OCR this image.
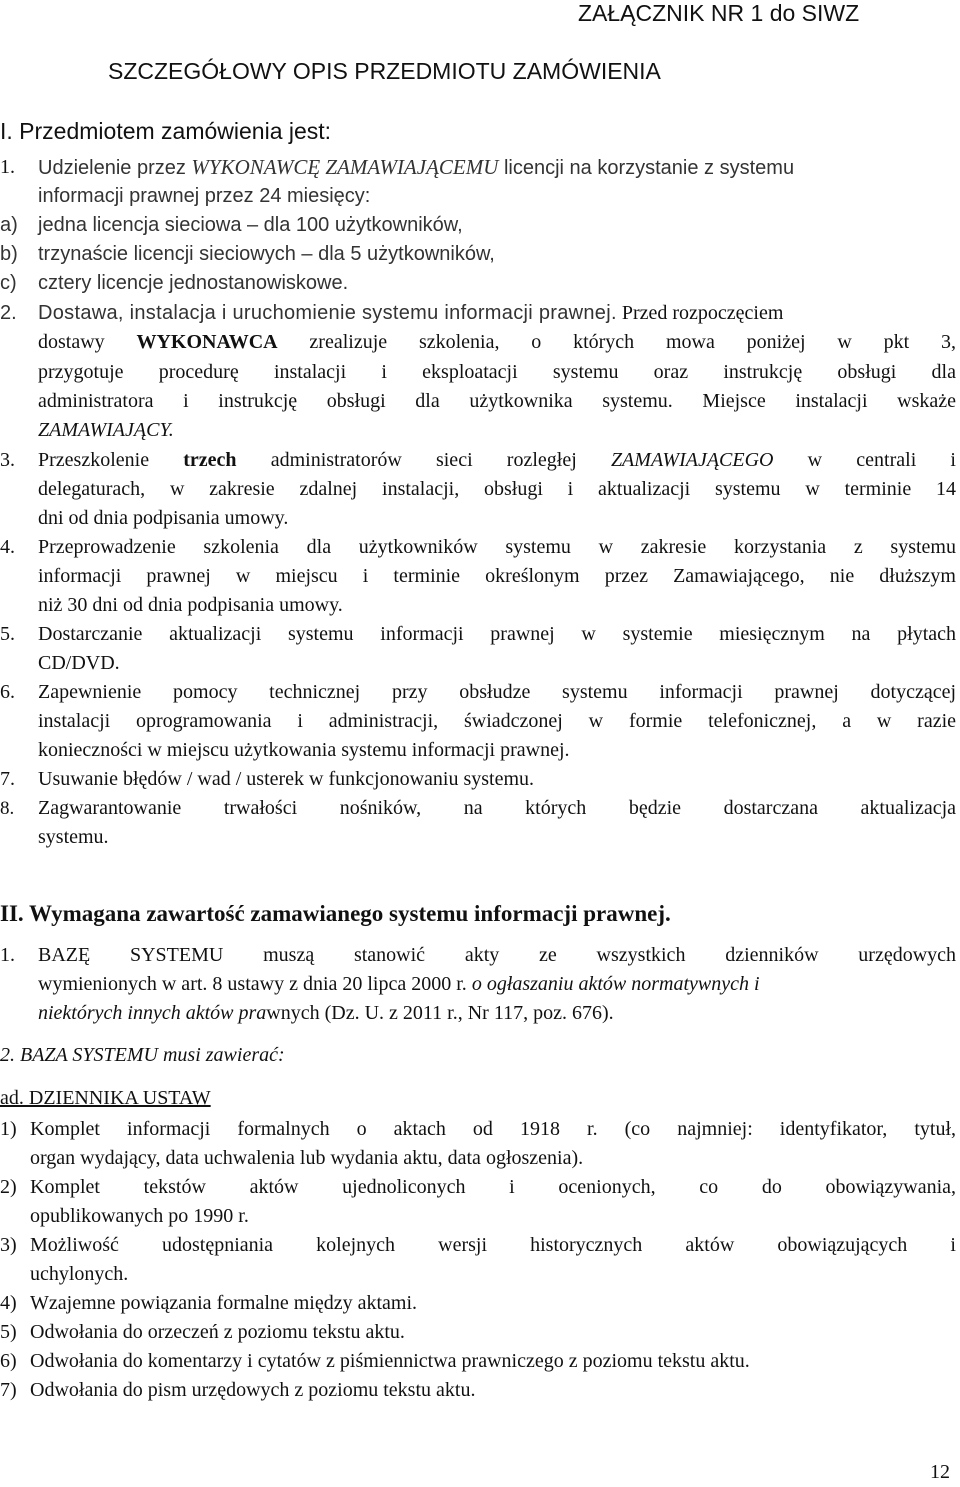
ZAŁĄCZNIK NR 1 do SIWZ
SZCZEGÓŁOWY OPIS PRZEDMIOTU ZAMÓWIENIA
I. Przedmiotem zamówienia jest:
1. Udzielenie przez WYKONAWCĘ ZAMAWIAJĄCEMU licencji na korzystanie z systemu
informacji prawnej przez 24 miesięcy:
a) jedna licencja sieciowa – dla 100 użytkowników,
b) trzynaście licencji sieciowych – dla 5 użytkowników,
c) cztery licencje jednostanowiskowe.
2. Dostawa, instalacja i uruchomienie systemu informacji prawnej. Przed rozpoczęciem
dostawy WYKONAWCA zrealizuje szkolenia, o których mowa poniżej w pkt 3,
przygotuje procedurę instalacji i eksploatacji systemu oraz instrukcję obsługi dla
administratora i instrukcję obsługi dla użytkownika systemu. Miejsce instalacji wskaże
ZAMAWIAJĄCY.
3. Przeszkolenie trzech administratorów sieci rozległej ZAMAWIAJĄCEGO w centrali i
delegaturach, w zakresie zdalnej instalacji, obsługi i aktualizacji systemu w terminie 14
dni od dnia podpisania umowy.
4. Przeprowadzenie szkolenia dla użytkowników systemu w zakresie korzystania z systemu
informacji prawnej w miejscu i terminie określonym przez Zamawiającego, nie dłuższym
niż 30 dni od dnia podpisania umowy.
5. Dostarczanie aktualizacji systemu informacji prawnej w systemie miesięcznym na płytach
CD/DVD.
6. Zapewnienie pomocy technicznej przy obsłudze systemu informacji prawnej dotyczącej
instalacji oprogramowania i administracji, świadczonej w formie telefonicznej, a w razie
konieczności w miejscu użytkowania systemu informacji prawnej.
7. Usuwanie błędów / wad / usterek w funkcjonowaniu systemu.
8. Zagwarantowanie trwałości nośników, na których będzie dostarczana aktualizacja
systemu.
II. Wymagana zawartość zamawianego systemu informacji prawnej.
1. BAZĘ SYSTEMU muszą stanowić akty ze wszystkich dzienników urzędowych
wymienionych w art. 8 ustawy z dnia 20 lipca 2000 r. o ogłaszaniu aktów normatywnych i
niektórych innych aktów prawnych (Dz. U. z 2011 r., Nr 117, poz. 676).
2. BAZA SYSTEMU musi zawierać:
ad. DZIENNIKA USTAW
1) Komplet informacji formalnych o aktach od 1918 r. (co najmniej: identyfikator, tytuł,
organ wydający, data uchwalenia lub wydania aktu, data ogłoszenia).
2) Komplet tekstów aktów ujednoliconych i ocenionych, co do obowiązywania,
opublikowanych po 1990 r.
3) Możliwość udostępniania kolejnych wersji historycznych aktów obowiązujących i
uchylonych.
4) Wzajemne powiązania formalne między aktami.
5) Odwołania do orzeczeń z poziomu tekstu aktu.
6) Odwołania do komentarzy i cytatów z piśmiennictwa prawniczego z poziomu tekstu aktu.
7) Odwołania do pism urzędowych z poziomu tekstu aktu.
12
